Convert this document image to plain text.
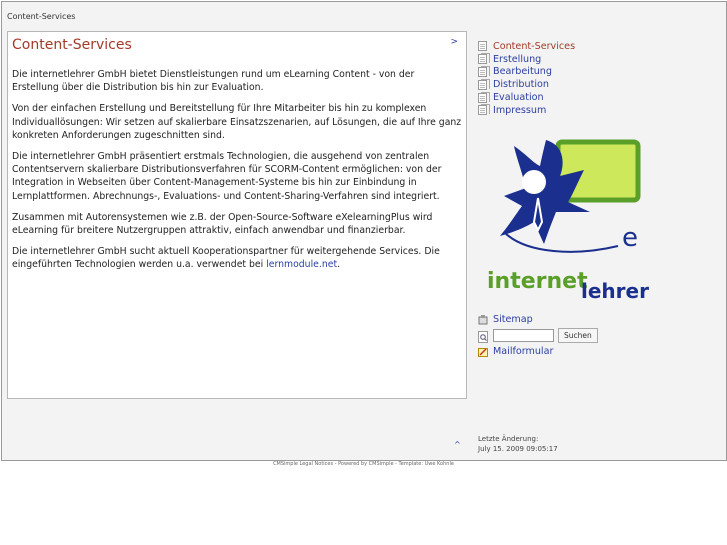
Content-Services
Content-Services	>

Die internetlehrer GmbH bietet Dienstleistungen rund um eLearning Content - von der Erstellung über die Distribution bis hin zur Evaluation.

Von der einfachen Erstellung und Bereitstellung für Ihre Mitarbeiter bis hin zu komplexen Individuallösungen: Wir setzen auf skalierbare Einsatzszenarien, auf Lösungen, die auf Ihre ganz konkreten Anforderungen zugeschnitten sind.

Die internetlehrer GmbH präsentiert erstmals Technologien, die ausgehend von zentralen Contentservern skalierbare Distributionsverfahren für SCORM-Content ermöglichen: von der Integration in Webseiten über Content-Management-Systeme bis hin zur Einbindung in Lernplattformen. Abrechnungs-, Evaluations- und Content-Sharing-Verfahren sind integriert.

Zusammen mit Autorensystemen wie z.B. der Open-Source-Software eXelearningPlus wird eLearning für breitere Nutzergruppen attraktiv, einfach anwendbar und finanzierbar.

Die internetlehrer GmbH sucht aktuell Kooperationspartner für weitergehende Services. Die eingeführten Technologien werden u.a. verwendet bei lernmodule.net.

Content-Services
Erstellung
Bearbeitung
Distribution
Evaluation
Impressum
e
internet
lehrer
Sitemap
Suchen
Mailformular
^
Letzte Änderung:
July 15. 2009 09:05:17
CMSimple Legal Notices - Powered by CMSimple - Template: Uwe Kohnle
